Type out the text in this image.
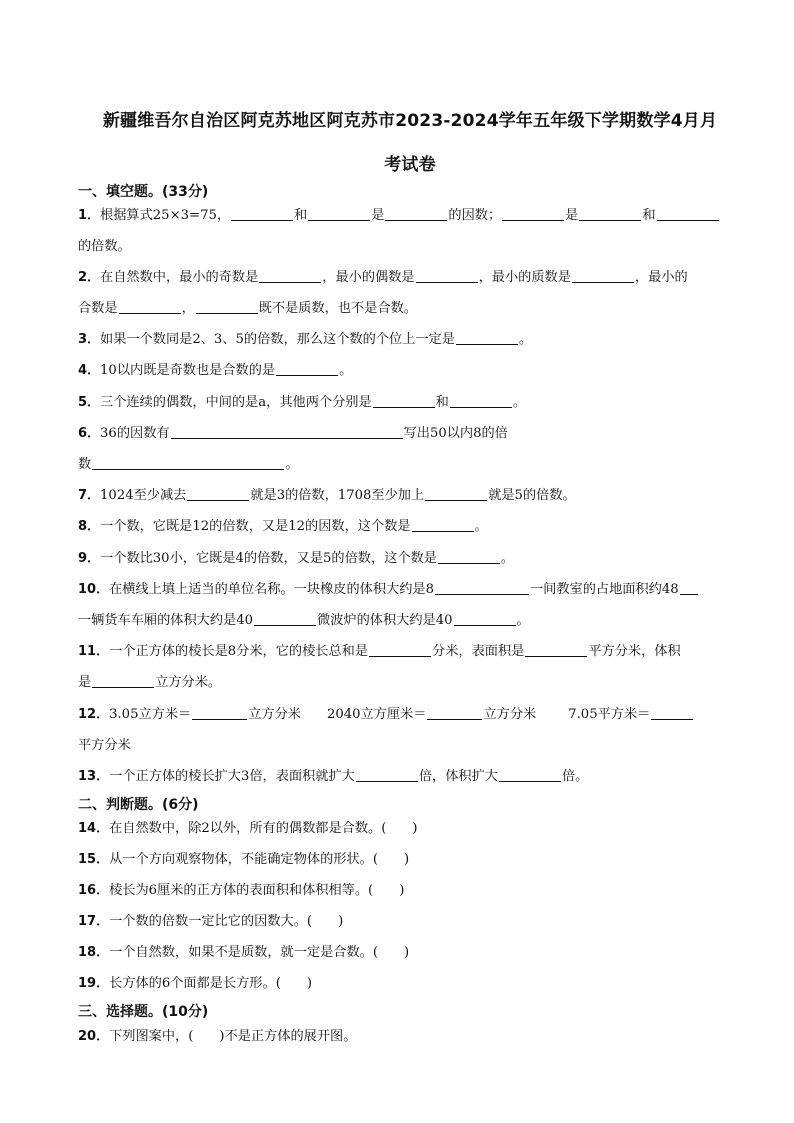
新疆维吾尔自治区阿克苏地区阿克苏市2023-2024学年五年级下学期数学4月月
考试卷
一、填空题。(33分)
1．根据算式25×3=75，	和	是	的因数；	是	和
的倍数。
2．在自然数中，最小的奇数是	，最小的偶数是	，最小的质数是	，最小的
合数是	，	既不是质数，也不是合数。
3．如果一个数同是2、3、5的倍数，那么这个数的个位上一定是	。
4．10以内既是奇数也是合数的是	。
5．三个连续的偶数，中间的是a，其他两个分别是	和	。
6．36的因数有	写出50以内8的倍
数	。
7．1024至少减去	就是3的倍数，1708至少加上	就是5的倍数。
8．一个数，它既是12的倍数，又是12的因数，这个数是	。
9．一个数比30小，它既是4的倍数，又是5的倍数，这个数是	。
10．在横线上填上适当的单位名称。一块橡皮的体积大约是8	一间教室的占地面积约48
一辆货车车厢的体积大约是40	微波炉的体积大约是40	。
11．一个正方体的棱长是8分米，它的棱长总和是	分米，表面积是	平方分米，体积
是	立方分米。
12．3.05立方米＝	立方分米 2040立方厘米＝	立方分米 7.05平方米＝
平方分米
13．一个正方体的棱长扩大3倍，表面积就扩大	倍，体积扩大	倍。
二、判断题。(6分)
14．在自然数中，除2以外，所有的偶数都是合数。( )
15．从一个方向观察物体，不能确定物体的形状。( )
16．棱长为6厘米的正方体的表面积和体积相等。( )
17．一个数的倍数一定比它的因数大。( )
18．一个自然数，如果不是质数，就一定是合数。( )
19．长方体的6个面都是长方形。( )
三、选择题。(10分)
20．下列图案中，( )不是正方体的展开图。
